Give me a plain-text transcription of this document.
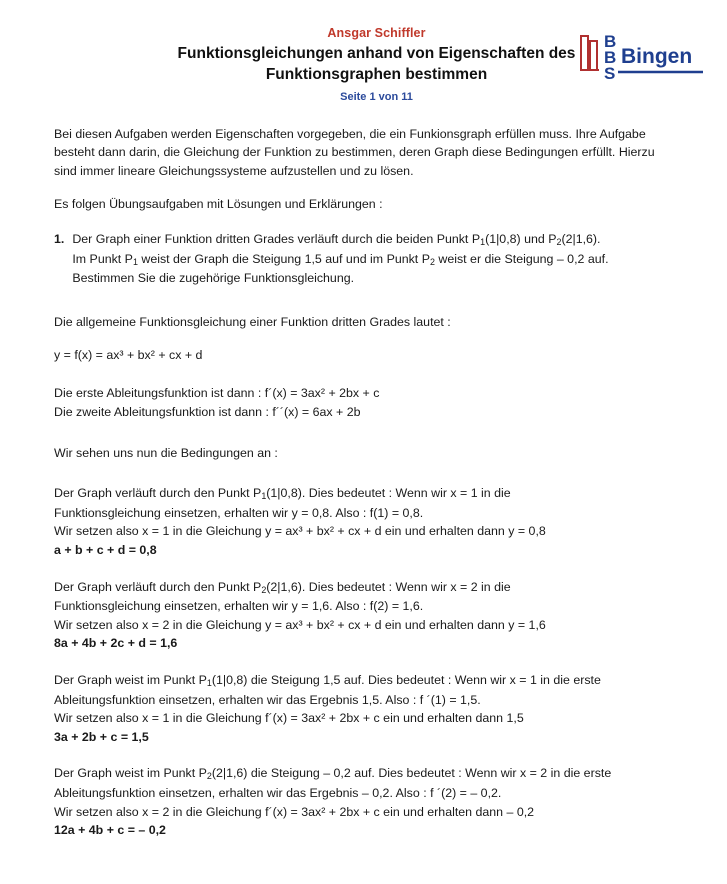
Ansgar Schiffler
Funktionsgleichungen anhand von Eigenschaften des
Funktionsgraphen bestimmen
Seite 1 von 11
B
B
S
Bingen

Bei diesen Aufgaben werden Eigenschaften vorgegeben, die ein Funkionsgraph erfüllen muss. Ihre Aufgabe besteht dann darin, die Gleichung der Funktion zu bestimmen, deren Graph diese Bedingungen erfüllt. Hierzu sind immer lineare Gleichungssysteme aufzustellen und zu lösen.

Es folgen Übungsaufgaben mit Lösungen und Erklärungen :

1. Der Graph einer Funktion dritten Grades verläuft durch die beiden Punkt $P_1(1|0,8)$ und $P_2(2|1,6)$.
Im Punkt $P_1$ weist der Graph die Steigung 1,5 auf und im Punkt $P_2$ weist er die Steigung – 0,2 auf.
Bestimmen Sie die zugehörige Funktionsgleichung.

Die allgemeine Funktionsgleichung einer Funktion dritten Grades lautet :

y = f(x) = ax³ + bx² + cx + d

Die erste Ableitungsfunktion ist dann : f´(x) = 3ax² + 2bx + c

Die zweite Ableitungsfunktion ist dann : f´´(x) = 6ax + 2b

Wir sehen uns nun die Bedingungen an :

Der Graph verläuft durch den Punkt $P_1(1|0,8)$. Dies bedeutet : Wenn wir x = 1 in die

Funktionsgleichung einsetzen, erhalten wir y = 0,8. Also : f(1) = 0,8.

Wir setzen also x = 1 in die Gleichung y = ax³ + bx² + cx + d ein und erhalten dann y = 0,8

a + b + c + d = 0,8

Der Graph verläuft durch den Punkt $P_2(2|1,6)$. Dies bedeutet : Wenn wir x = 2 in die

Funktionsgleichung einsetzen, erhalten wir y = 1,6. Also : f(2) = 1,6.

Wir setzen also x = 2 in die Gleichung y = ax³ + bx² + cx + d ein und erhalten dann y = 1,6

8a + 4b + 2c + d = 1,6

Der Graph weist im Punkt $P_1(1|0,8)$ die Steigung 1,5 auf. Dies bedeutet : Wenn wir x = 1 in die erste

Ableitungsfunktion einsetzen, erhalten wir das Ergebnis 1,5. Also : f ´(1) = 1,5.

Wir setzen also x = 1 in die Gleichung f´(x) = 3ax² + 2bx + c ein und erhalten dann 1,5

3a + 2b + c = 1,5

Der Graph weist im Punkt $P_2(2|1,6)$ die Steigung – 0,2 auf. Dies bedeutet : Wenn wir x = 2 in die erste

Ableitungsfunktion einsetzen, erhalten wir das Ergebnis – 0,2. Also : f ´(2) = – 0,2.

Wir setzen also x = 2 in die Gleichung f´(x) = 3ax² + 2bx + c ein und erhalten dann – 0,2

12a + 4b + c = – 0,2
